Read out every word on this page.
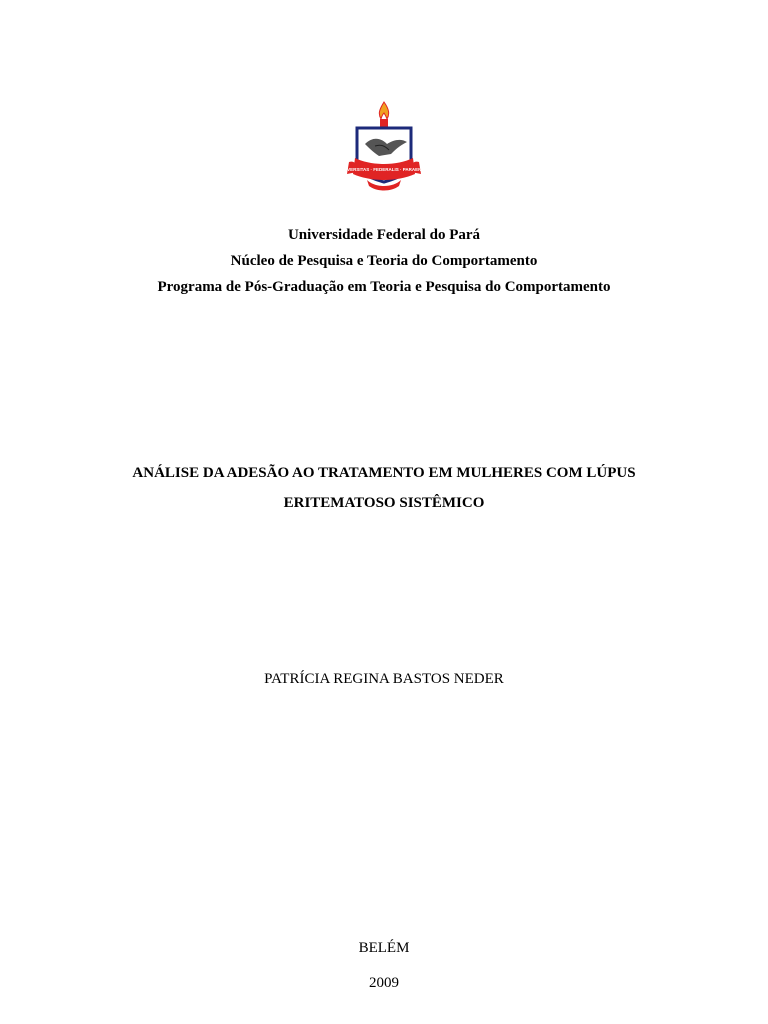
UNIVERSITAS · FEDERALIS · PARAENSIS
Universidade Federal do Pará
Núcleo de Pesquisa e Teoria do Comportamento
Programa de Pós-Graduação em Teoria e Pesquisa do Comportamento
ANÁLISE DA ADESÃO AO TRATAMENTO EM MULHERES COM LÚPUS
ERITEMATOSO SISTÊMICO
PATRÍCIA REGINA BASTOS NEDER
BELÉM
2009
